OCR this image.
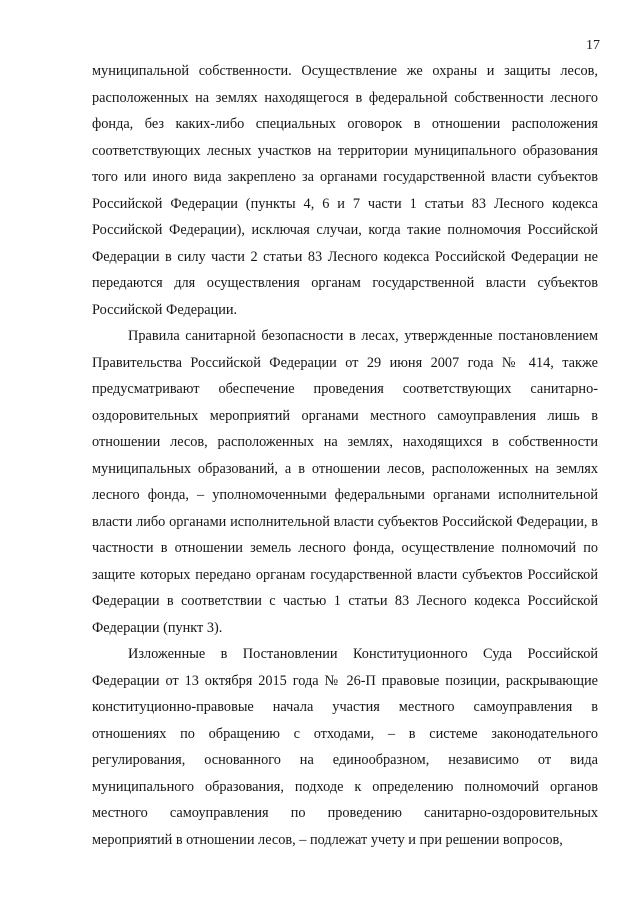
17

муниципальной собственности. Осуществление же охраны и защиты лесов, расположенных на землях находящегося в федеральной собственности лесного фонда, без каких-либо специальных оговорок в отношении расположения соответствующих лесных участков на территории муниципального образования того или иного вида закреплено за органами государственной власти субъектов Российской Федерации (пункты 4, 6 и 7 части 1 статьи 83 Лесного кодекса Российской Федерации), исключая случаи, когда такие полномочия Российской Федерации в силу части 2 статьи 83 Лесного кодекса Российской Федерации не передаются для осуществления органам государственной власти субъектов Российской Федерации.

Правила санитарной безопасности в лесах, утвержденные постановлением Правительства Российской Федерации от 29 июня 2007 года № 414, также предусматривают обеспечение проведения соответствующих санитарно-оздоровительных мероприятий органами местного самоуправления лишь в отношении лесов, расположенных на землях, находящихся в собственности муниципальных образований, а в отношении лесов, расположенных на землях лесного фонда, – уполномоченными федеральными органами исполнительной власти либо органами исполнительной власти субъектов Российской Федерации, в частности в отношении земель лесного фонда, осуществление полномочий по защите которых передано органам государственной власти субъектов Российской Федерации в соответствии с частью 1 статьи 83 Лесного кодекса Российской Федерации (пункт 3).

Изложенные в Постановлении Конституционного Суда Российской Федерации от 13 октября 2015 года № 26-П правовые позиции, раскрывающие конституционно-правовые начала участия местного самоуправления в отношениях по обращению с отходами, – в системе законодательного регулирования, основанного на единообразном, независимо от вида муниципального образования, подходе к определению полномочий органов местного самоуправления по проведению санитарно-оздоровительных мероприятий в отношении лесов, – подлежат учету и при решении вопросов,
